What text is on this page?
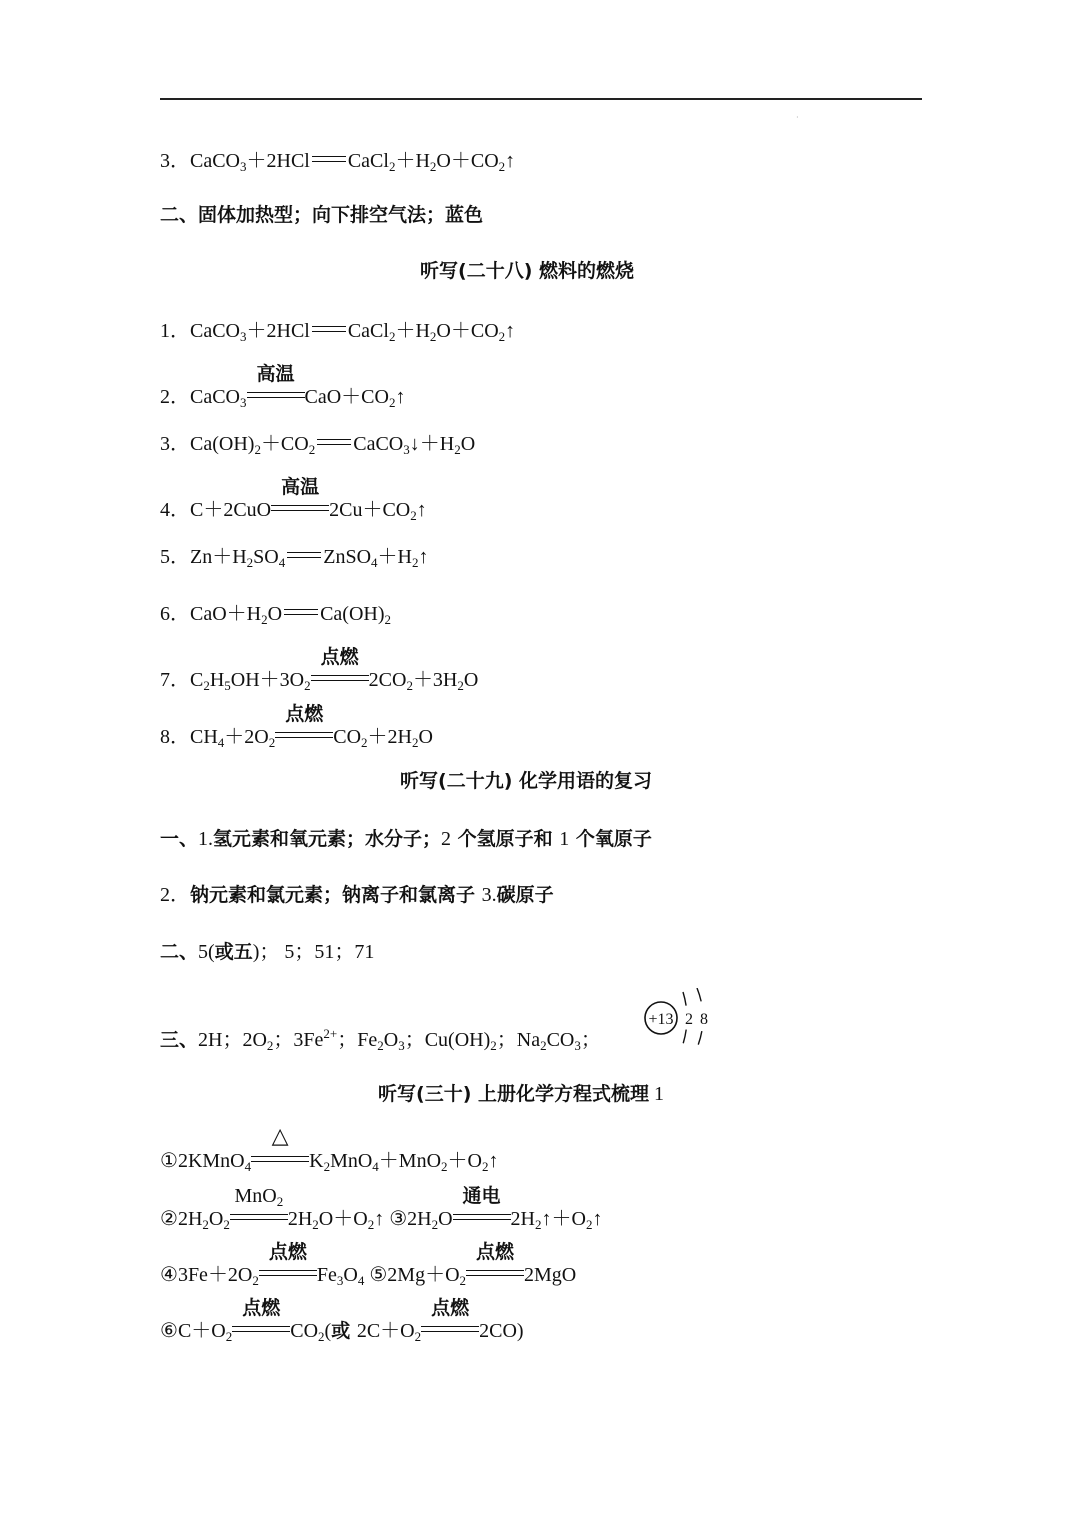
·
3．CaCO$_3$＋2HCl $CaCl_2+H_2O+CO_2↑$
二、固体加热型；向下排空气法；蓝色
听写(二十八) 燃料的燃烧
1．CaCO$_3$＋2HCl $CaCl_2+H_2O+CO_2↑$
2．CaCO$_3$
高温
$CaO+CO_2↑$
3．$Ca(OH)_2+CO_2$ $CaCO_3↓+H_2O$
4．C＋2CuO
高温
$2Cu+CO_2↑$
5．$Zn+H_2SO_4$ $ZnSO_4+H_2↑$
6．$CaO+H_2O$ $Ca(OH)_2$
7．$C_2H_5OH+3O_2$
点燃
$2CO_2+3H_2O$
8．$CH_4+2O_2$
点燃
$CO_2+2H_2O$
听写(二十九) 化学用语的复习
一、1.氢元素和氧元素；水分子；2 个氢原子和 1 个氧原子
2．钠元素和氯元素；钠离子和氯离子 3.碳原子
二、5(或五)； 5；51；71
三、2H；$2O_2$；$3Fe^{2+}$；$Fe_2O_3$；$Cu(OH)_2$；$Na_2CO_3$；
+13 2 8
听写(三十) 上册化学方程式梳理 1
①2KMnO$_4$
△
$K_2MnO_4+MnO_2+O_2↑$
$②2H_2O_2$
MnO$_2$
$2H_2O+O_2↑$ $③2H_2O$
通电
$2H_2↑+O_2↑$
$④3Fe+2O_2$
点燃
$Fe_3O_4$ $⑤2Mg+O_2$
点燃
2MgO
$⑥C+O_2$
点燃
$CO_2$(或 $2C+O_2$
点燃
2CO)
